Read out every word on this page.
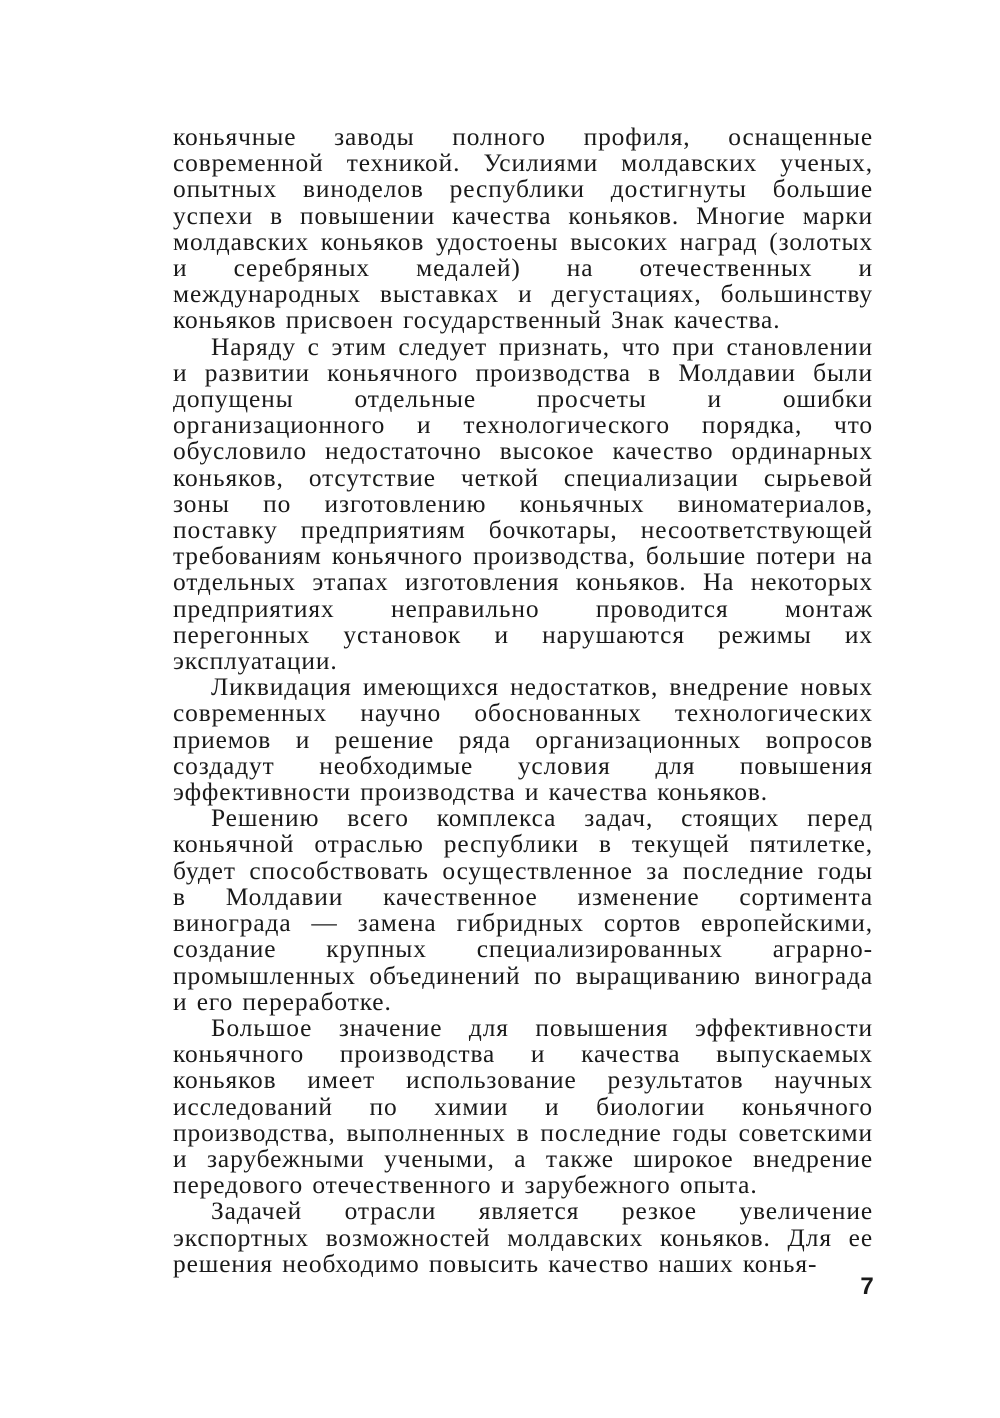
коньячные заводы полного профиля, оснащенные современной техникой. Усилиями молдавских ученых, опытных виноделов республики достигнуты большие успехи в повышении качества коньяков. Многие марки молдавских коньяков удостоены высоких наград (золотых и серебряных медалей) на отечественных и международных выставках и дегустациях, большинству коньяков присвоен государственный Знак качества.

Наряду с этим следует признать, что при становлении и развитии коньячного производства в Молдавии были допущены отдельные просчеты и ошибки организационного и технологического порядка, что обусловило недостаточно высокое качество ординарных коньяков, отсутствие четкой специализации сырьевой зоны по изготовлению коньячных виноматериалов, поставку предприятиям бочкотары, несоответствующей требованиям коньячного производства, большие потери на отдельных этапах изготовления коньяков. На некоторых предприятиях неправильно проводится монтаж перегонных установок и нарушаются режимы их эксплуатации.

Ликвидация имеющихся недостатков, внедрение новых современных научно обоснованных технологических приемов и решение ряда организационных вопросов создадут необходимые условия для повышения эффективности производства и качества коньяков.

Решению всего комплекса задач, стоящих перед коньячной отраслью республики в текущей пятилетке, будет способствовать осуществленное за последние годы в Молдавии качественное изменение сортимента винограда — замена гибридных сортов европейскими, создание крупных специализированных аграрно-промышленных объединений по выращиванию винограда и его переработке.

Большое значение для повышения эффективности коньячного производства и качества выпускаемых коньяков имеет использование результатов научных исследований по химии и биологии коньячного производства, выполненных в последние годы советскими и зарубежными учеными, а также широкое внедрение передового отечественного и зарубежного опыта.

Задачей отрасли является резкое увеличение экспортных возможностей молдавских коньяков. Для ее решения необходимо повысить качество наших конья-

7
